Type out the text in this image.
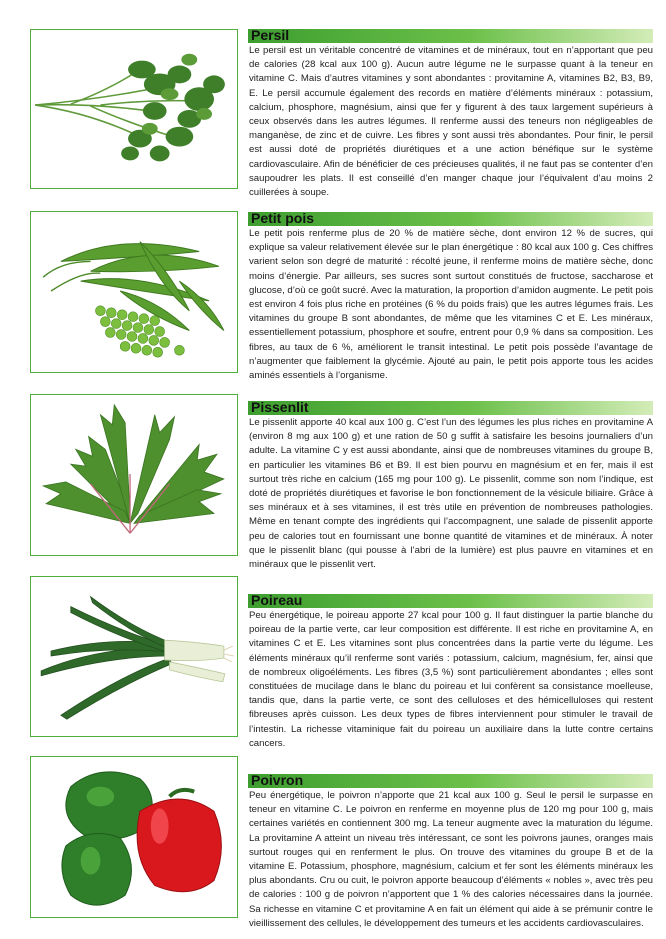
Persil

Le persil est un véritable concentré de vitamines et de minéraux, tout en n’apportant que peu de calories (28 kcal aux 100 g). Aucun autre légume ne le surpasse quant à la teneur en vitamine C. Mais d’autres vitamines y sont abondantes : provitamine A, vitamines B2, B3, B9, E. Le persil accumule également des records en matière d’éléments minéraux : potassium, calcium, phosphore, magnésium, ainsi que fer y figurent à des taux largement supérieurs à ceux observés dans les autres légumes. Il renferme aussi des teneurs non négligeables de manganèse, de zinc et de cuivre. Les fibres y sont aussi très abondantes. Pour finir, le persil est aussi doté de propriétés diurétiques et a une action bénéfique sur le système cardiovasculaire. Afin de bénéficier de ces précieuses qualités, il ne faut pas se contenter d’en saupoudrer les plats. Il est conseillé d’en manger chaque jour l’équivalent d’au moins 2 cuillerées à soupe.

Petit pois

Le petit pois renferme plus de 20 % de matière sèche, dont environ 12 % de sucres, qui explique sa valeur relativement élevée sur le plan énergétique : 80 kcal aux 100 g. Ces chiffres varient selon son degré de maturité : récolté jeune, il renferme moins de matière sèche, donc moins d’énergie. Par ailleurs, ses sucres sont surtout constitués de fructose, saccharose et glucose, d’où ce goût sucré. Avec la maturation, la proportion d’amidon augmente. Le petit pois est environ 4 fois plus riche en protéines (6 % du poids frais) que les autres légumes frais. Les vitamines du groupe B sont abondantes, de même que les vitamines C et E. Les minéraux, essentiellement potassium, phosphore et soufre, entrent pour 0,9 % dans sa composition. Les fibres, au taux de 6 %, améliorent le transit intestinal. Le petit pois possède l’avantage de n’augmenter que faiblement la glycémie. Ajouté au pain, le petit pois apporte tous les acides aminés essentiels à l’organisme.

Pissenlit

Le pissenlit apporte 40 kcal aux 100 g. C’est l’un des légumes les plus riches en provitamine A (environ 8 mg aux 100 g) et une ration de 50 g suffit à satisfaire les besoins journaliers d’un adulte. La vitamine C y est aussi abondante, ainsi que de nombreuses vitamines du groupe B, en particulier les vitamines B6 et B9. Il est bien pourvu en magnésium et en fer, mais il est surtout très riche en calcium (165 mg pour 100 g). Le pissenlit, comme son nom l’indique, est doté de propriétés diurétiques et favorise le bon fonctionnement de la vésicule biliaire. Grâce à ses minéraux et à ses vitamines, il est très utile en prévention de nombreuses pathologies. Même en tenant compte des ingrédients qui l’accompagnent, une salade de pissenlit apporte peu de calories tout en fournissant une bonne quantité de vitamines et de minéraux. À noter que le pissenlit blanc (qui pousse à l’abri de la lumière) est plus pauvre en vitamines et en minéraux que le pissenlit vert.

Poireau

Peu énergétique, le poireau apporte 27 kcal pour 100 g. Il faut distinguer la partie blanche du poireau de la partie verte, car leur composition est différente. Il est riche en provitamine A, en vitamines C et E. Les vitamines sont plus concentrées dans la partie verte du légume. Les éléments minéraux qu’il renferme sont variés : potassium, calcium, magnésium, fer, ainsi que de nombreux oligoéléments. Les fibres (3,5 %) sont particulièrement abondantes ; elles sont constituées de mucilage dans le blanc du poireau et lui confèrent sa consistance moelleuse, tandis que, dans la partie verte, ce sont des celluloses et des hémicelluloses qui restent fibreuses après cuisson. Les deux types de fibres interviennent pour stimuler le travail de l’intestin. La richesse vitaminique fait du poireau un auxiliaire dans la lutte contre certains cancers.

Poivron

Peu énergétique, le poivron n’apporte que 21 kcal aux 100 g. Seul le persil le surpasse en teneur en vitamine C. Le poivron en renferme en moyenne plus de 120 mg pour 100 g, mais certaines variétés en contiennent 300 mg. La teneur augmente avec la maturation du légume. La provitamine A atteint un niveau très intéressant, ce sont les poivrons jaunes, oranges mais surtout rouges qui en renferment le plus. On trouve des vitamines du groupe B et de la vitamine E. Potassium, phosphore, magnésium, calcium et fer sont les éléments minéraux les plus abondants. Cru ou cuit, le poivron apporte beaucoup d’éléments « nobles », avec très peu de calories : 100 g de poivron n’apportent que 1 % des calories nécessaires dans la journée. Sa richesse en vitamine C et provitamine A en fait un élément qui aide à se prémunir contre le vieillissement des cellules, le développement des tumeurs et les accidents cardiovasculaires.
